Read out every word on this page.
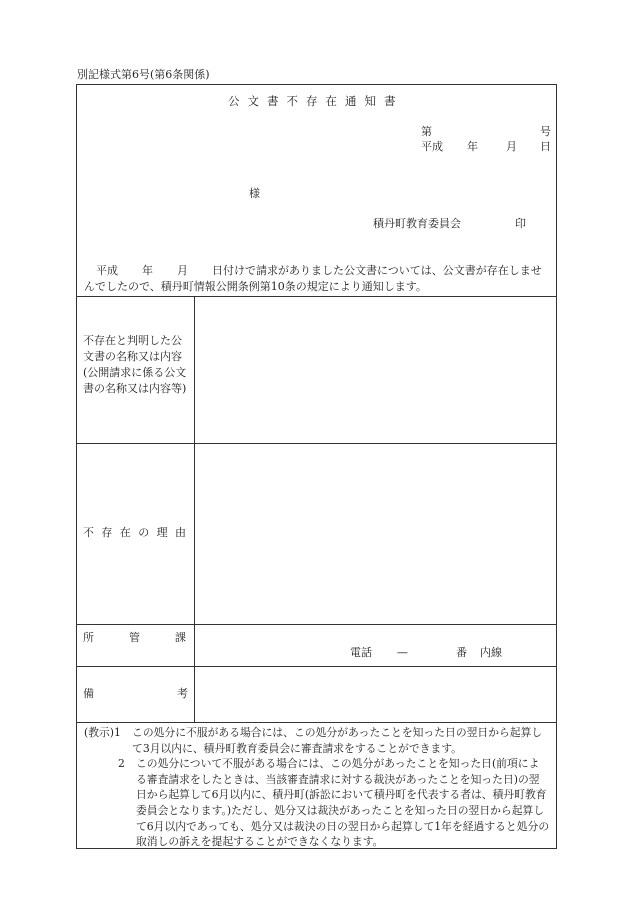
別記様式第6号(第6条関係)
公文書不存在通知書
第	号
平成 年	月 日
様
積丹町教育委員会	印
平成 年 月 日付けで請求がありました公文書については、公文書が存在しませんでしたので、積丹町情報公開条例第10条の規定により通知します。
不存在と判明した公文書の名称又は内容(公開請求に係る公文書の名称又は内容等)
不存在の理由
所管課
電話 —	番 内線
備考
(教示) 1	この処分に不服がある場合には、この処分があったことを知った日の翌日から起算して3月以内に、積丹町教育委員会に審査請求をすることができます。
2	この処分について不服がある場合には、この処分があったことを知った日(前項による審査請求をしたときは、当該審査請求に対する裁決があったことを知った日)の翌日から起算して6月以内に、積丹町(訴訟において積丹町を代表する者は、積丹町教育委員会となります。)ただし、処分又は裁決があったことを知った日の翌日から起算して6月以内であっても、処分又は裁決の日の翌日から起算して1年を経過すると処分の取消しの訴えを提起することができなくなります。
